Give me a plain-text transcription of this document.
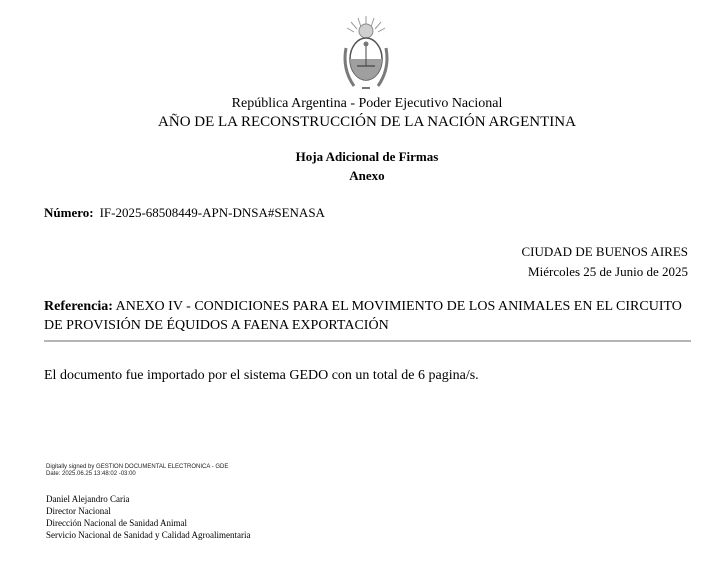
República Argentina - Poder Ejecutivo Nacional
AÑO DE LA RECONSTRUCCIÓN DE LA NACIÓN ARGENTINA
Hoja Adicional de Firmas
Anexo
Número: IF-2025-68508449-APN-DNSA#SENASA
CIUDAD DE BUENOS AIRES
Miércoles 25 de Junio de 2025
Referencia: ANEXO IV - CONDICIONES PARA EL MOVIMIENTO DE LOS ANIMALES EN EL CIRCUITO DE PROVISIÓN DE ÉQUIDOS A FAENA EXPORTACIÓN
El documento fue importado por el sistema GEDO con un total de 6 pagina/s.
Digitally signed by GESTION DOCUMENTAL ELECTRONICA - GDE
Date: 2025.06.25 13:48:02 -03:00
Daniel Alejandro Caria
Director Nacional
Dirección Nacional de Sanidad Animal
Servicio Nacional de Sanidad y Calidad Agroalimentaria
